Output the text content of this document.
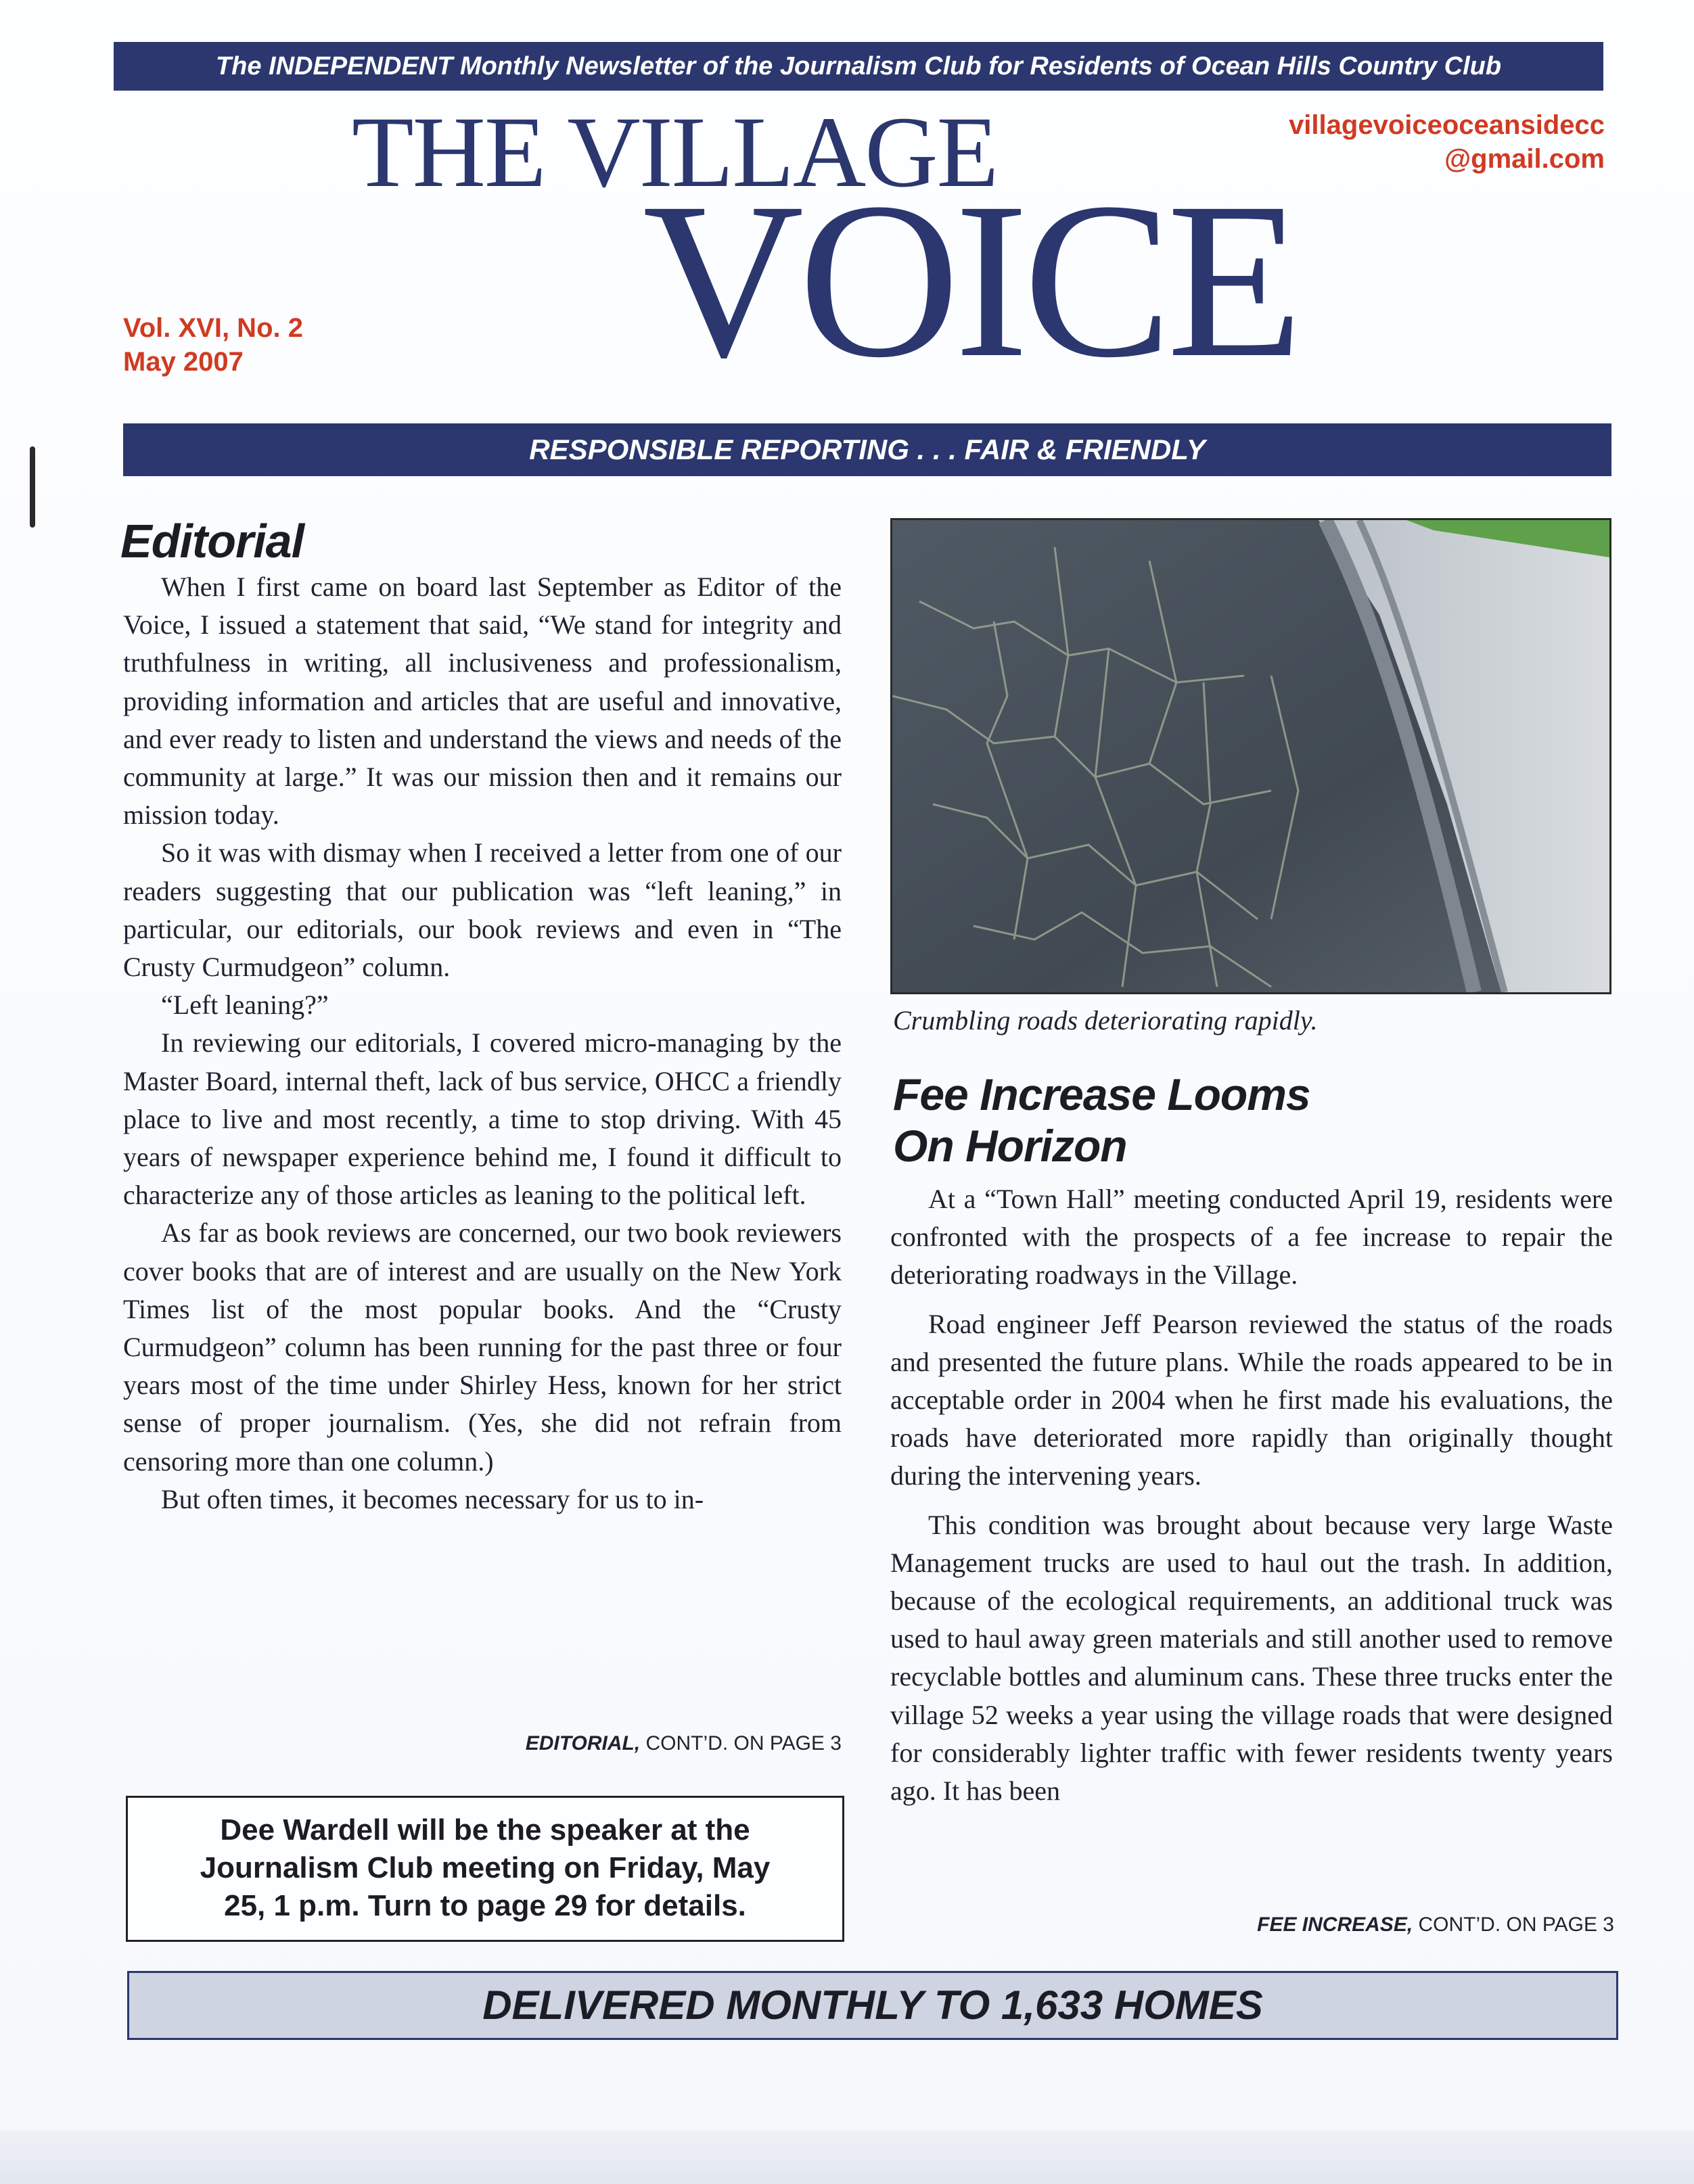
The INDEPENDENT Monthly Newsletter of the Journalism Club for Residents of Ocean Hills Country Club
villagevoiceoceansidecc
@gmail.com
THE VILLAGE
VOICE
Vol. XVI, No. 2
May 2007
RESPONSIBLE REPORTING . . . FAIR & FRIENDLY
Editorial

When I first came on board last September as Editor of the Voice, I issued a statement that said, “We stand for integrity and truthfulness in writing, all inclusiveness and professionalism, providing information and articles that are useful and innovative, and ever ready to listen and understand the views and needs of the community at large.” It was our mission then and it remains our mission today.

So it was with dismay when I received a letter from one of our readers suggesting that our publication was “left leaning,” in particular, our editorials, our book reviews and even in “The Crusty Curmudgeon” column.

“Left leaning?”

In reviewing our editorials, I covered micro-managing by the Master Board, internal theft, lack of bus service, OHCC a friendly place to live and most recently, a time to stop driving. With 45 years of newspaper experience behind me, I found it difficult to characterize any of those articles as leaning to the political left.

As far as book reviews are concerned, our two book reviewers cover books that are of interest and are usually on the New York Times list of the most popular books. And the “Crusty Curmudgeon” column has been running for the past three or four years most of the time under Shirley Hess, known for her strict sense of proper journalism. (Yes, she did not refrain from censoring more than one column.)

But often times, it becomes necessary for us to in-

EDITORIAL, CONT’D. ON PAGE 3
Dee Wardell will be the speaker at the
Journalism Club meeting on Friday, May
25, 1 p.m. Turn to page 29 for details.
Crumbling roads deteriorating rapidly.
Fee Increase Looms
On Horizon

At a “Town Hall” meeting conducted April 19, residents were confronted with the prospects of a fee increase to repair the deteriorating roadways in the Village.

Road engineer Jeff Pearson reviewed the status of the roads and presented the future plans. While the roads appeared to be in acceptable order in 2004 when he first made his evaluations, the roads have deteriorated more rapidly than originally thought during the intervening years.

This condition was brought about because very large Waste Management trucks are used to haul out the trash. In addition, because of the ecological requirements, an additional truck was used to haul away green materials and still another used to remove recyclable bottles and aluminum cans. These three trucks enter the village 52 weeks a year using the village roads that were designed for considerably lighter traffic with fewer residents twenty years ago. It has been

FEE INCREASE, CONT’D. ON PAGE 3
DELIVERED MONTHLY TO 1,633 HOMES
